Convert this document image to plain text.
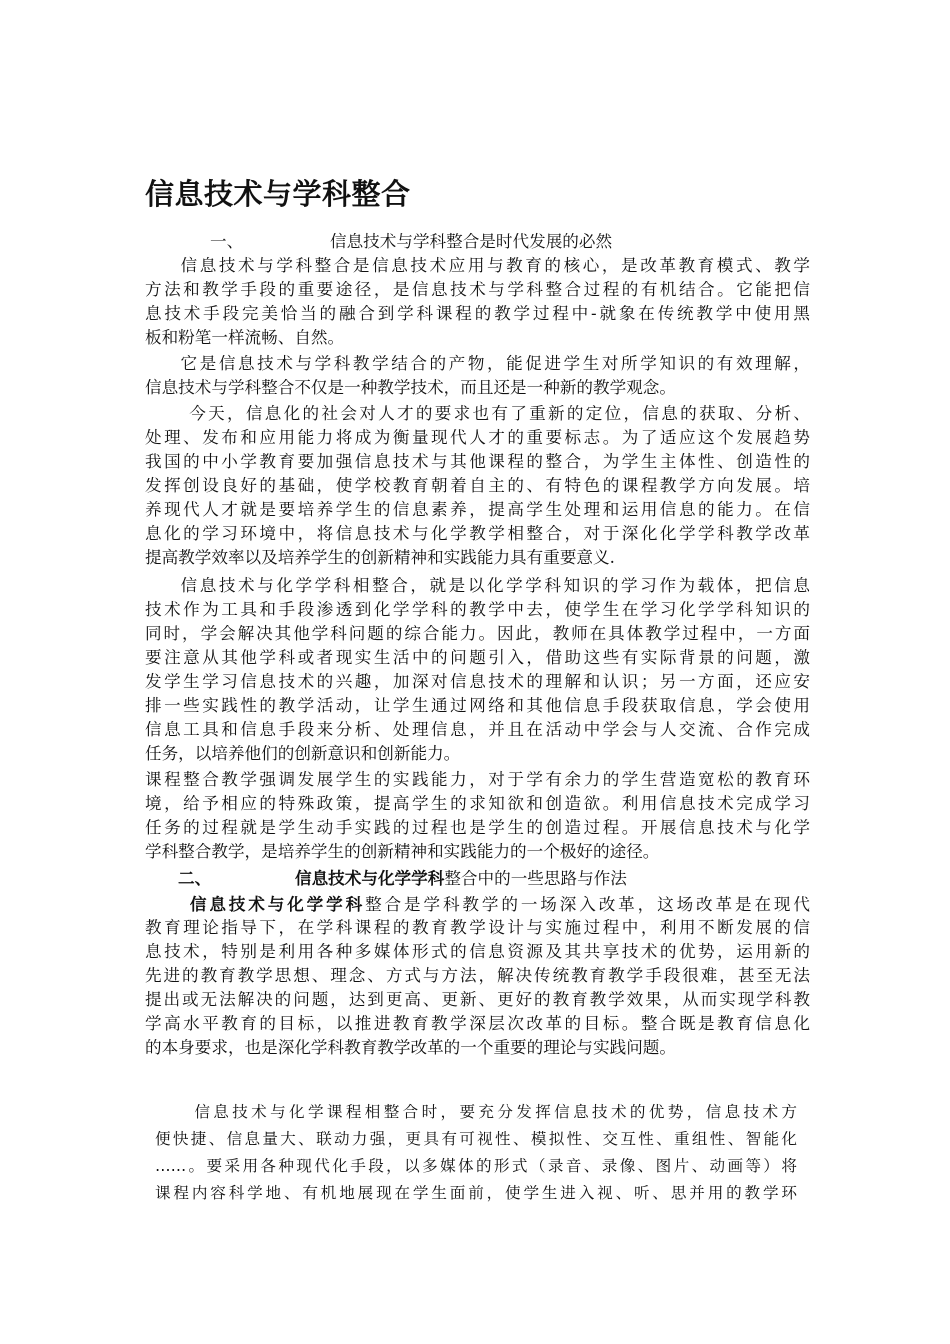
信息技术与学科整合
一、	信息技术与学科整合是时代发展的必然
信息技术与学科整合是信息技术应用与教育的核心，是改革教育模式、教学
方法和教学手段的重要途径，是信息技术与学科整合过程的有机结合。它能把信
息技术手段完美恰当的融合到学科课程的教学过程中-就象在传统教学中使用黑
板和粉笔一样流畅、自然。
它是信息技术与学科教学结合的产物，能促进学生对所学知识的有效理解，
信息技术与学科整合不仅是一种教学技术，而且还是一种新的教学观念。
今天，信息化的社会对人才的要求也有了重新的定位，信息的获取、分析、
处理、发布和应用能力将成为衡量现代人才的重要标志。为了适应这个发展趋势
我国的中小学教育要加强信息技术与其他课程的整合，为学生主体性、创造性的
发挥创设良好的基础，使学校教育朝着自主的、有特色的课程教学方向发展。培
养现代人才就是要培养学生的信息素养，提高学生处理和运用信息的能力。在信
息化的学习环境中，将信息技术与化学教学相整合，对于深化化学学科教学改革
提高教学效率以及培养学生的创新精神和实践能力具有重要意义.
信息技术与化学学科相整合，就是以化学学科知识的学习作为载体，把信息
技术作为工具和手段渗透到化学学科的教学中去，使学生在学习化学学科知识的
同时，学会解决其他学科问题的综合能力。因此，教师在具体教学过程中，一方面
要注意从其他学科或者现实生活中的问题引入，借助这些有实际背景的问题，激
发学生学习信息技术的兴趣，加深对信息技术的理解和认识；另一方面，还应安
排一些实践性的教学活动，让学生通过网络和其他信息手段获取信息，学会使用
信息工具和信息手段来分析、处理信息，并且在活动中学会与人交流、合作完成
任务，以培养他们的创新意识和创新能力。
课程整合教学强调发展学生的实践能力，对于学有余力的学生营造宽松的教育环
境，给予相应的特殊政策，提高学生的求知欲和创造欲。利用信息技术完成学习
任务的过程就是学生动手实践的过程也是学生的创造过程。开展信息技术与化学
学科整合教学，是培养学生的创新精神和实践能力的一个极好的途径。
二、	信息技术与化学学科整合中的一些思路与作法
信息技术与化学学科整合是学科教学的一场深入改革，这场改革是在现代
教育理论指导下，在学科课程的教育教学设计与实施过程中，利用不断发展的信
息技术，特别是利用各种多媒体形式的信息资源及其共享技术的优势，运用新的
先进的教育教学思想、理念、方式与方法，解决传统教育教学手段很难，甚至无法
提出或无法解决的问题，达到更高、更新、更好的教育教学效果，从而实现学科教
学高水平教育的目标，以推进教育教学深层次改革的目标。整合既是教育信息化
的本身要求，也是深化学科教育教学改革的一个重要的理论与实践问题。
信息技术与化学课程相整合时，要充分发挥信息技术的优势，信息技术方
便快捷、信息量大、联动力强，更具有可视性、模拟性、交互性、重组性、智能化
……。要采用各种现代化手段，以多媒体的形式（录音、录像、图片、动画等）将
课程内容科学地、有机地展现在学生面前，使学生进入视、听、思并用的教学环
